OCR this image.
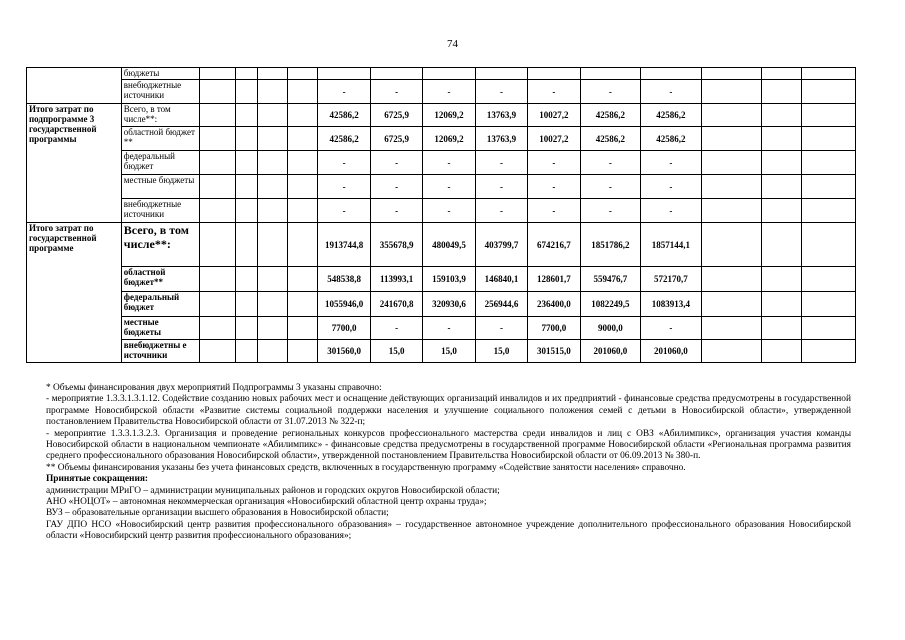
74
	бюджеты														
	внебюджетные источники					-	-	-	-	-	-	-			
Итого затрат по подпрограмме 3 государственной программы	Всего, в том числе**:					42586,2	6725,9	12069,2	13763,9	10027,2	42586,2	42586,2			
	областной бюджет **					42586,2	6725,9	12069,2	13763,9	10027,2	42586,2	42586,2			
	федеральный бюджет					-	-	-	-	-	-	-			
	местные бюджеты					-	-	-	-	-	-	-			
	внебюджетные источники					-	-	-	-	-	-	-			
Итого затрат по государственной программе	Всего, в том числе**:					1913744,8	355678,9	480049,5	403799,7	674216,7	1851786,2	1857144,1			
	областной бюджет**					548538,8	113993,1	159103,9	146840,1	128601,7	559476,7	572170,7			
	федеральный бюджет					1055946,0	241670,8	320930,6	256944,6	236400,0	1082249,5	1083913,4			
	местные бюджеты					7700,0	-	-	-	7700,0	9000,0	-			
	внебюджетны е источники					301560,0	15,0	15,0	15,0	301515,0	201060,0	201060,0			

* Объемы финансирования двух мероприятий Подпрограммы 3 указаны справочно:

- мероприятие 1.3.3.1.3.1.12. Содействие созданию новых рабочих мест и оснащение действующих организаций инвалидов и их предприятий - финансовые средства предусмотрены в государственной программе Новосибирской области «Развитие системы социальной поддержки населения и улучшение социального положения семей с детьми в Новосибирской области», утвержденной постановлением Правительства Новосибирской области от 31.07.2013 № 322-п;

- мероприятие 1.3.3.1.3.2.3. Организация и проведение региональных конкурсов профессионального мастерства среди инвалидов и лиц с ОВЗ «Абилимпикс», организация участия команды Новосибирской области в национальном чемпионате «Абилимпикс» - финансовые средства предусмотрены в государственной программе Новосибирской области «Региональная программа развития среднего профессионального образования Новосибирской области», утвержденной постановлением Правительства Новосибирской области от 06.09.2013 № 380-п.

** Объемы финансирования указаны без учета финансовых средств, включенных в государственную программу «Содействие занятости населения» справочно.

Принятые сокращения:

администрации МРиГО – администрации муниципальных районов и городских округов Новосибирской области;

АНО «НОЦОТ» – автономная некоммерческая организация «Новосибирский областной центр охраны труда»;

ВУЗ – образовательные организации высшего образования в Новосибирской области;

ГАУ ДПО НСО «Новосибирский центр развития профессионального образования» – государственное автономное учреждение дополнительного профессионального образования Новосибирской области «Новосибирский центр развития профессионального образования»;
